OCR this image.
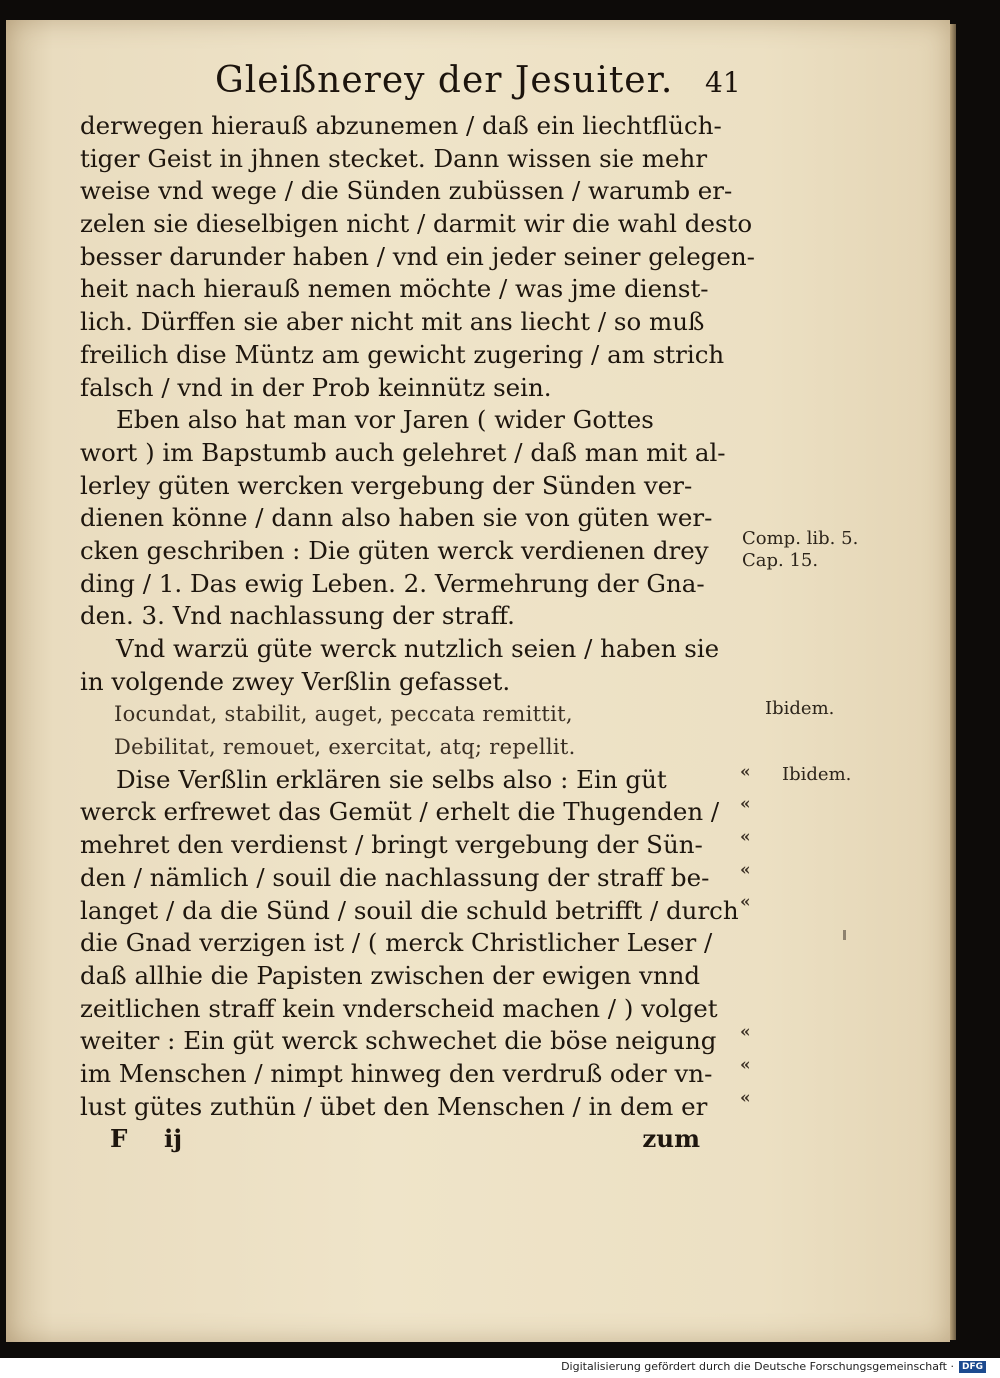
Gleißnerey der Jesuiter. 41
derwegen hierauß abzunemen / daß ein liechtflüch-
tiger Geist in jhnen stecket. Dann wissen sie mehr
weise vnd wege / die Sünden zubüssen / warumb er-
zelen sie dieselbigen nicht / darmit wir die wahl desto
besser darunder haben / vnd ein jeder seiner gelegen-
heit nach hierauß nemen möchte / was jme dienst-
lich. Dürffen sie aber nicht mit ans liecht / so muß
freilich dise Müntz am gewicht zugering / am strich
falsch / vnd in der Prob keinnütz sein.
Eben also hat man vor Jaren ( wider Gottes
wort ) im Bapstumb auch gelehret / daß man mit al-
lerley güten wercken vergebung der Sünden ver-
dienen könne / dann also haben sie von güten wer-
cken geschriben : Die güten werck verdienen drey
ding / 1. Das ewig Leben. 2. Vermehrung der Gna-
den. 3. Vnd nachlassung der straff.
Vnd warzü güte werck nutzlich seien / haben sie
in volgende zwey Verßlin gefasset.
Iocundat, stabilit, auget, peccata remittit,
Debilitat, remouet, exercitat, atq; repellit.
Dise Verßlin erklären sie selbs also : Ein güt
werck erfrewet das Gemüt / erhelt die Thugenden /
mehret den verdienst / bringt vergebung der Sün-
den / nämlich / souil die nachlassung der straff be-
langet / da die Sünd / souil die schuld betrifft / durch
die Gnad verzigen ist / ( merck Christlicher Leser /
daß allhie die Papisten zwischen der ewigen vnnd
zeitlichen straff kein vnderscheid machen / ) volget
weiter : Ein güt werck schwechet die böse neigung
im Menschen / nimpt hinweg den verdruß oder vn-
lust gütes zuthün / übet den Menschen / in dem er
F ij	zum
Comp. lib. 5.
Cap. 15.
Ibidem.
Ibidem.
«
«
«
«
«
«
«
«
Digitalisierung gefördert durch die Deutsche Forschungsgemeinschaft · DFG
